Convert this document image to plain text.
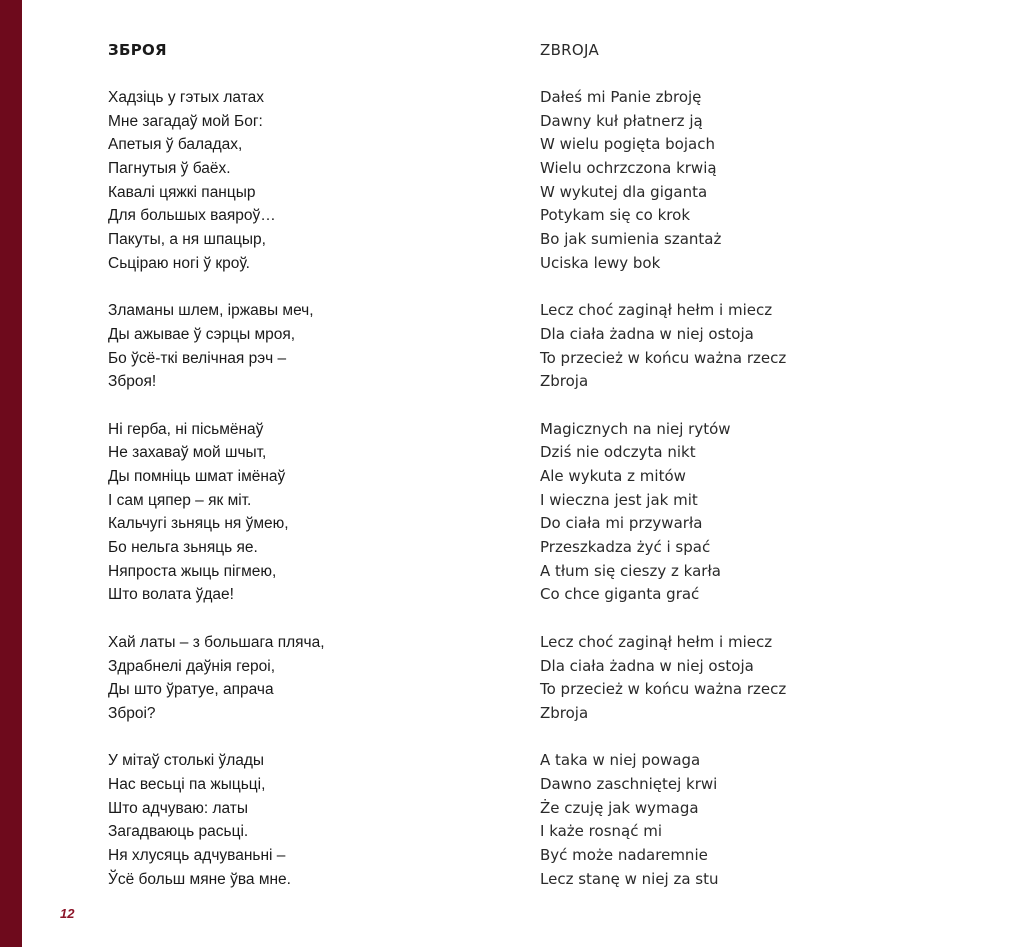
ЗБРОЯ
Хадзіць у гэтых латах
Мне загадаў мой Бог:
Апетыя ў баладах,
Пагнутыя ў баёх.
Кавалі цяжкі панцыр
Для большых ваяроў…
Пакуты, а ня шпацыр,
Сьціраю ногі ў кроў.
Зламаны шлем, іржавы меч,
Ды ажывае ў сэрцы мроя,
Бо ўсё-ткі велічная рэч –
Зброя!
Ні герба, ні пісьмёнаў
Не захаваў мой шчыт,
Ды помніць шмат імёнаў
І сам цяпер – як міт.
Кальчугі зьняць ня ўмею,
Бо нельга зьняць яе.
Няпроста жыць пігмею,
Што волата ўдае!
Хай латы – з большага пляча,
Здрабнелі даўнія героі,
Ды што ўратуе, апрача
Зброі?
У мітаў столькі ўлады
Нас весьці па жыцьці,
Што адчуваю: латы
Загадваюць расьці.
Ня хлусяць адчуваньні –
Ўсё больш мяне ўва мне.
ZBROJA
Dałeś mi Panie zbroję
Dawny kuł płatnerz ją
W wielu pogięta bojach
Wielu ochrzczona krwią
W wykutej dla giganta
Potykam się co krok
Bo jak sumienia szantaż
Uciska lewy bok
Lecz choć zaginął hełm i miecz
Dla ciała żadna w niej ostoja
To przecież w końcu ważna rzecz
Zbroja
Magicznych na niej rytów
Dziś nie odczyta nikt
Ale wykuta z mitów
I wieczna jest jak mit
Do ciała mi przywarła
Przeszkadza żyć i spać
A tłum się cieszy z karła
Co chce giganta grać
Lecz choć zaginął hełm i miecz
Dla ciała żadna w niej ostoja
To przecież w końcu ważna rzecz
Zbroja
A taka w niej powaga
Dawno zaschniętej krwi
Że czuję jak wymaga
I każe rosnąć mi
Być może nadaremnie
Lecz stanę w niej za stu
12
